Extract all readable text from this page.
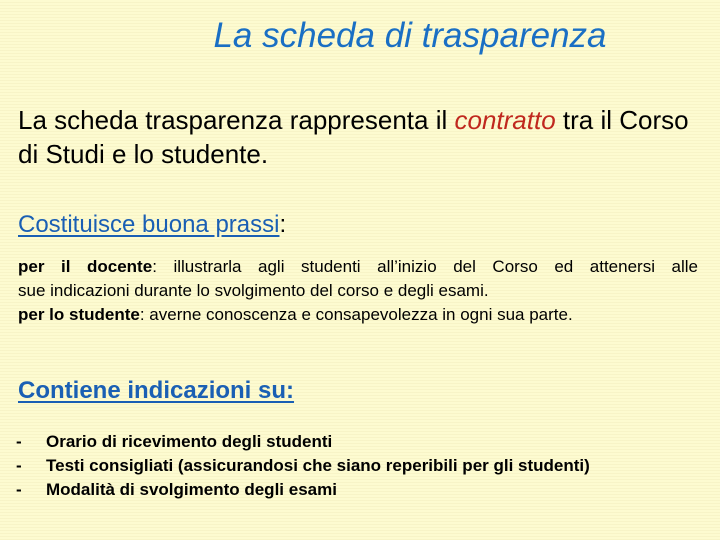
La scheda di trasparenza

La scheda trasparenza rappresenta il contratto tra il Corso di Studi e lo studente.

Costituisce buona prassi:
per il docente: illustrarla agli studenti all’inizio del Corso ed attenersi alle
sue indicazioni durante lo svolgimento del corso e degli esami.
per lo studente: averne conoscenza e consapevolezza in ogni sua parte.
Contiene indicazioni su:
-	Orario di ricevimento degli studenti
-	Testi consigliati (assicurandosi che siano reperibili per gli studenti)
-	Modalità di svolgimento degli esami
